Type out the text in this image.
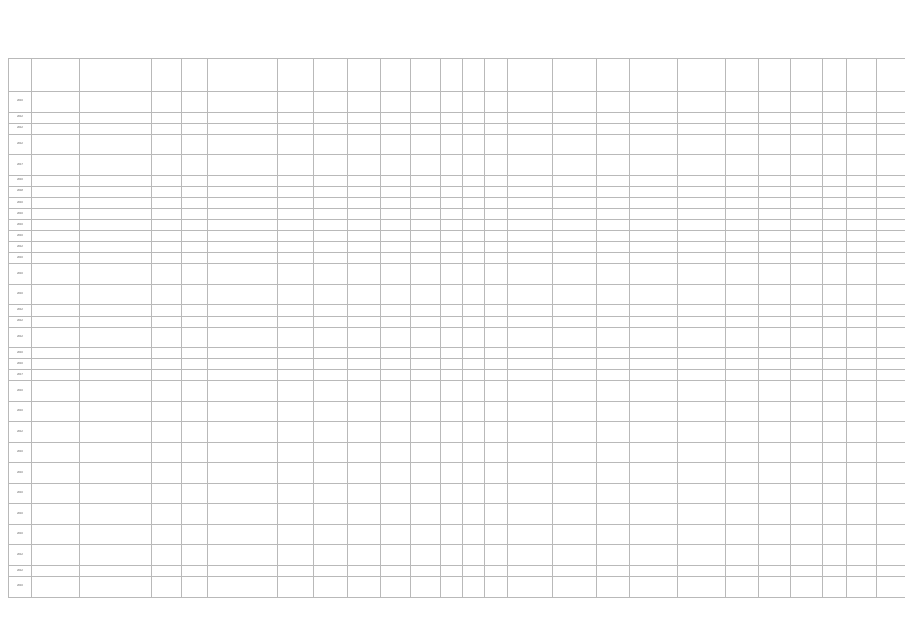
2016																									
2012																									
2012																									
2012																									
2017																									
2016																									
2018																									
2016																									
2016																									
2016																									
2016																									
2012																									
2016																									
2016																									
2016																									
2012																									
2012																									
2012																									
2016																									
2016																									
2017																									
2016																									
2016																									
2012																									
2016																									
2016																									
2016																									
2016																									
2016																									
2012																									
2012																									
2016																									
